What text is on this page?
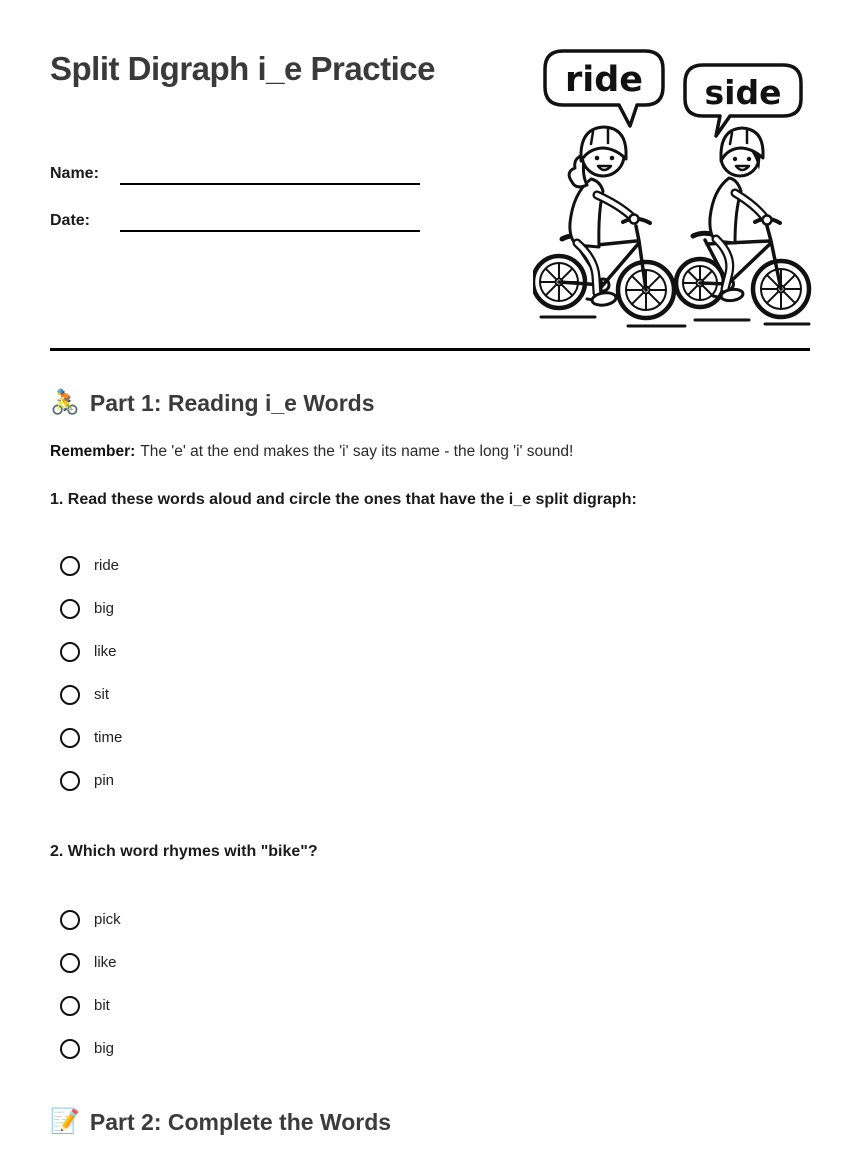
Split Digraph i_e Practice
Name:
Date:
ride side
🚴 Part 1: Reading i_e Words

Remember: The 'e' at the end makes the 'i' say its name - the long 'i' sound!

1. Read these words aloud and circle the ones that have the i_e split digraph:

ride
big
like
sit
time
pin

2. Which word rhymes with "bike"?

pick
like
bit
big
📝 Part 2: Complete the Words
